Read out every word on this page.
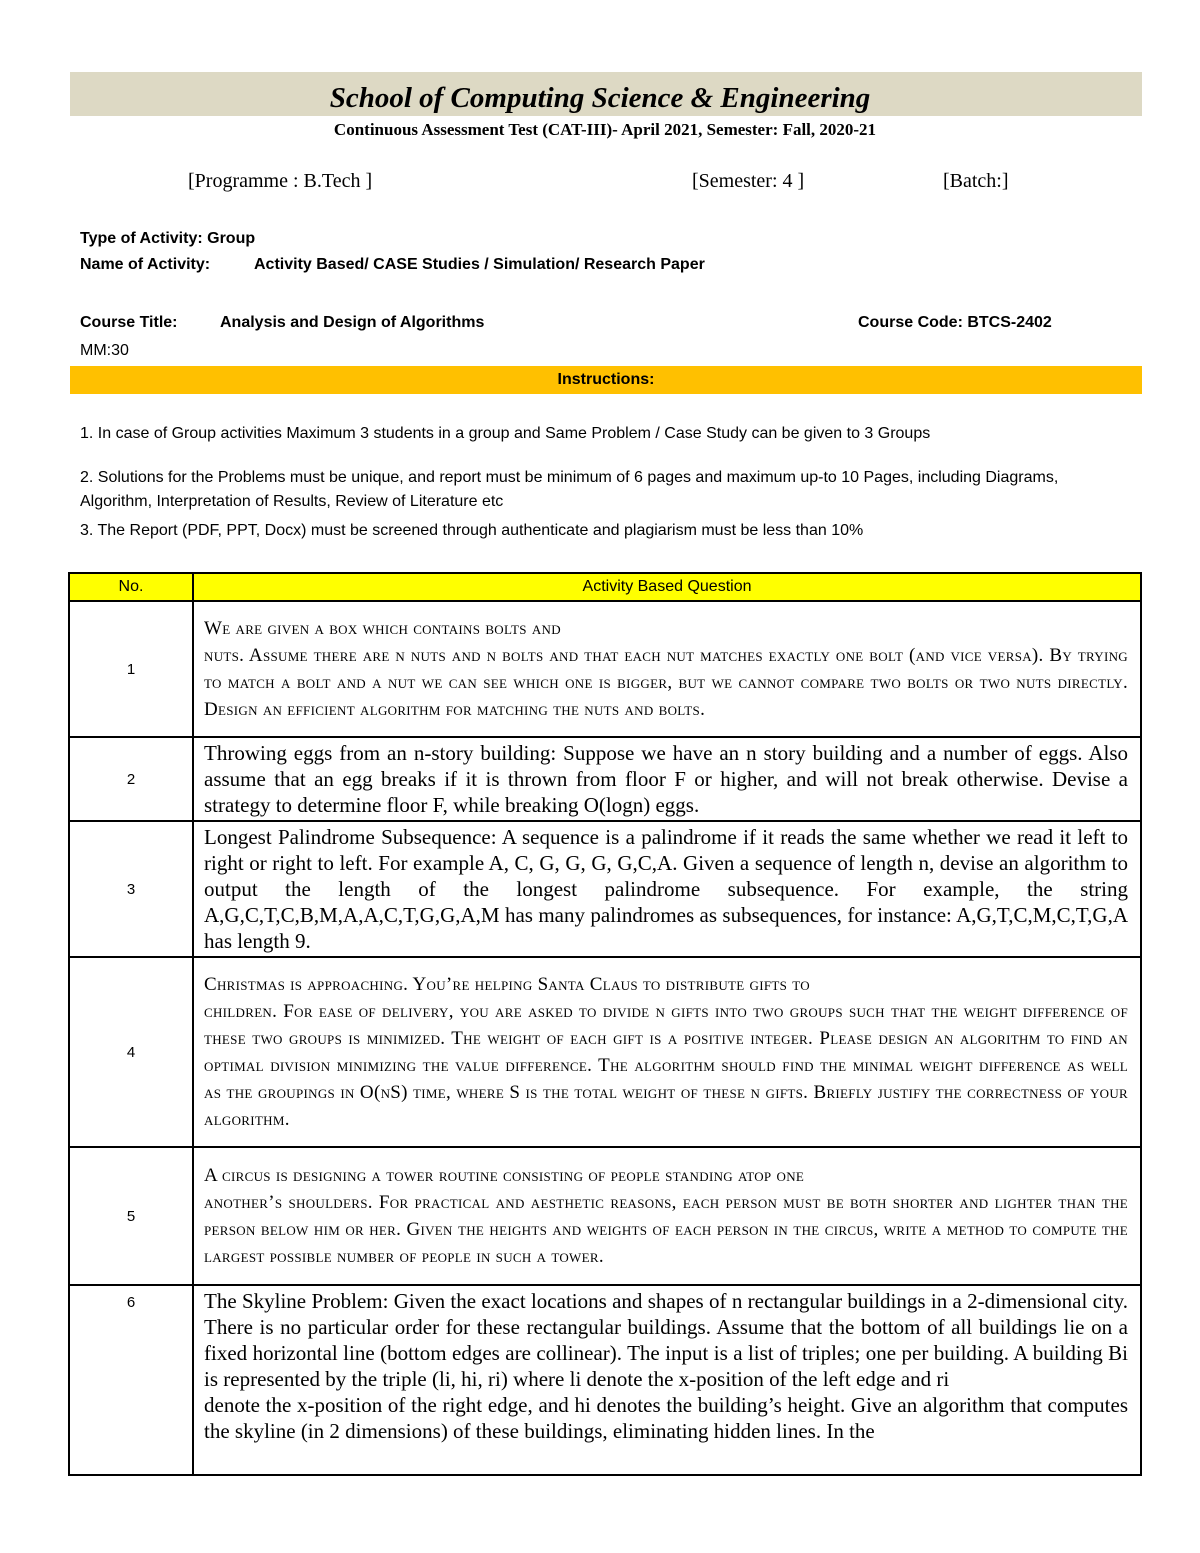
School of Computing Science & Engineering
Continuous Assessment Test (CAT-III)- April 2021, Semester: Fall, 2020-21
[Programme : B.Tech ]	[Semester: 4 ]	[Batch:]
Type of Activity: Group
Name of Activity:	Activity Based/ CASE Studies / Simulation/ Research Paper
Course Title:	Analysis and Design of Algorithms	Course Code: BTCS-2402
MM:30
Instructions:
1. In case of Group activities Maximum 3 students in a group and Same Problem / Case Study can be given to 3 Groups
2. Solutions for the Problems must be unique, and report must be minimum of 6 pages and maximum up-to 10 Pages, including Diagrams, Algorithm, Interpretation of Results, Review of Literature etc
3. The Report (PDF, PPT, Docx) must be screened through authenticate and plagiarism must be less than 10%
No.	Activity Based Question
1	We are given a box which contains bolts and

nuts. Assume there are n nuts and n bolts and that each nut matches exactly one bolt (and vice versa). By trying to match a bolt and a nut we can see which one is bigger, but we cannot compare two bolts or two nuts directly. Design an efficient algorithm for matching the nuts and bolts.

2	Throwing eggs from an n-story building: Suppose we have an n story building and a number of eggs. Also assume that an egg breaks if it is thrown from floor F or higher, and will not break otherwise. Devise a strategy to determine floor F, while breaking O(logn) eggs.

3	Longest Palindrome Subsequence: A sequence is a palindrome if it reads the same whether we read it left to right or right to left. For example A, C, G, G, G, G,C,A. Given a sequence of length n, devise an algorithm to output the length of the longest palindrome subsequence. For example, the string A,G,C,T,C,B,M,A,A,C,T,G,G,A,M has many palindromes as subsequences, for instance: A,G,T,C,M,C,T,G,A has length 9.

4	Christmas is approaching. You’re helping Santa Claus to distribute gifts to

children. For ease of delivery, you are asked to divide n gifts into two groups such that the weight difference of these two groups is minimized. The weight of each gift is a positive integer. Please design an algorithm to find an optimal division minimizing the value difference. The algorithm should find the minimal weight difference as well as the groupings in O(nS) time, where S is the total weight of these n gifts. Briefly justify the correctness of your algorithm.

5	A circus is designing a tower routine consisting of people standing atop one

another’s shoulders. For practical and aesthetic reasons, each person must be both shorter and lighter than the person below him or her. Given the heights and weights of each person in the circus, write a method to compute the largest possible number of people in such a tower.

6	The Skyline Problem: Given the exact locations and shapes of n rectangular buildings in a 2-dimensional city. There is no particular order for these rectangular buildings. Assume that the bottom of all buildings lie on a fixed horizontal line (bottom edges are collinear). The input is a list of triples; one per building. A building Bi is represented by the triple (li, hi, ri) where li denote the x-position of the left edge and ri

denote the x-position of the right edge, and hi denotes the building’s height. Give an algorithm that computes the skyline (in 2 dimensions) of these buildings, eliminating hidden lines. In the
